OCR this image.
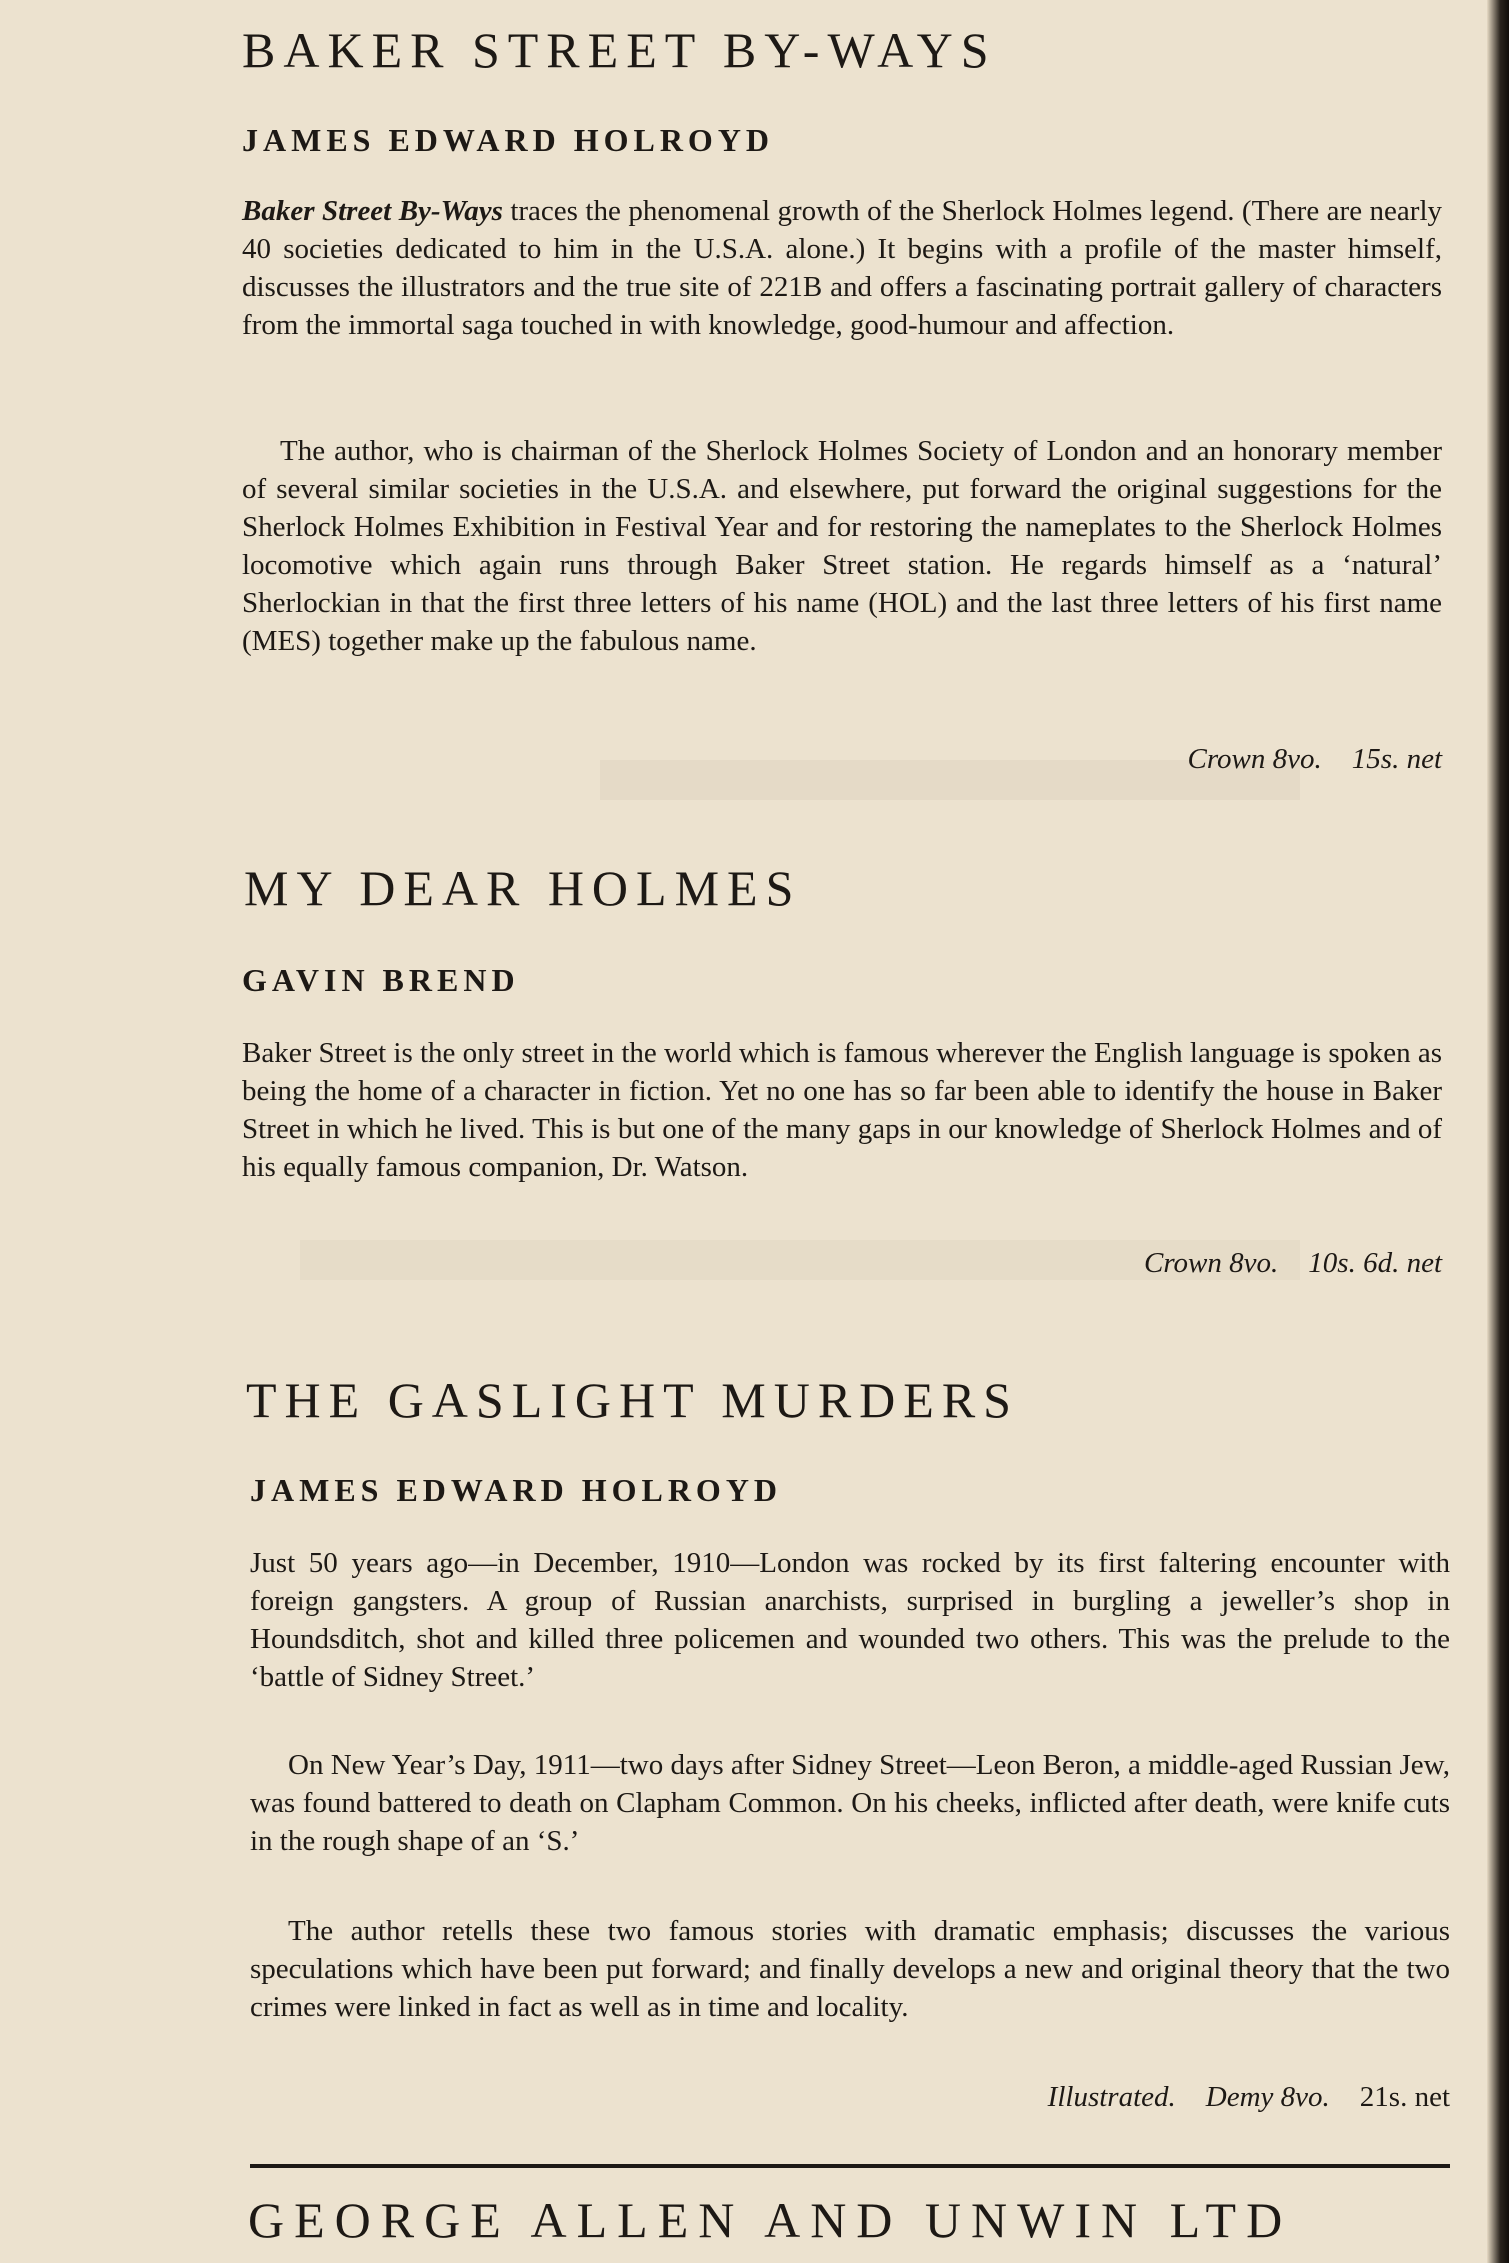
BAKER STREET BY-WAYS
JAMES EDWARD HOLROYD

Baker Street By-Ways traces the phenomenal growth of the Sherlock Holmes legend. (There are nearly 40 societies dedicated to him in the U.S.A. alone.) It begins with a profile of the master himself, discusses the illustrators and the true site of 221B and offers a fascinating portrait gallery of characters from the immortal saga touched in with knowledge, good-humour and affection.

The author, who is chairman of the Sherlock Holmes Society of London and an honorary member of several similar societies in the U.S.A. and elsewhere, put forward the original suggestions for the Sherlock Holmes Exhibition in Festival Year and for restoring the nameplates to the Sherlock Holmes locomotive which again runs through Baker Street station. He regards himself as a ‘natural’ Sherlockian in that the first three letters of his name (HOL) and the last three letters of his first name (MES) together make up the fabulous name.

Crown 8vo. 15s. net
MY DEAR HOLMES
GAVIN BREND

Baker Street is the only street in the world which is famous wherever the English language is spoken as being the home of a character in fiction. Yet no one has so far been able to identify the house in Baker Street in which he lived. This is but one of the many gaps in our knowledge of Sherlock Holmes and of his equally famous companion, Dr. Watson.

Crown 8vo. 10s. 6d. net
THE GASLIGHT MURDERS
JAMES EDWARD HOLROYD

Just 50 years ago—in December, 1910—London was rocked by its first faltering encounter with foreign gangsters. A group of Russian anarchists, surprised in burgling a jeweller’s shop in Houndsditch, shot and killed three policemen and wounded two others. This was the prelude to the ‘battle of Sidney Street.’

On New Year’s Day, 1911—two days after Sidney Street—Leon Beron, a middle-aged Russian Jew, was found battered to death on Clapham Common. On his cheeks, inflicted after death, were knife cuts in the rough shape of an ‘S.’

The author retells these two famous stories with dramatic emphasis; discusses the various speculations which have been put forward; and finally develops a new and original theory that the two crimes were linked in fact as well as in time and locality.

Illustrated. Demy 8vo. 21s. net
GEORGE ALLEN AND UNWIN LTD
